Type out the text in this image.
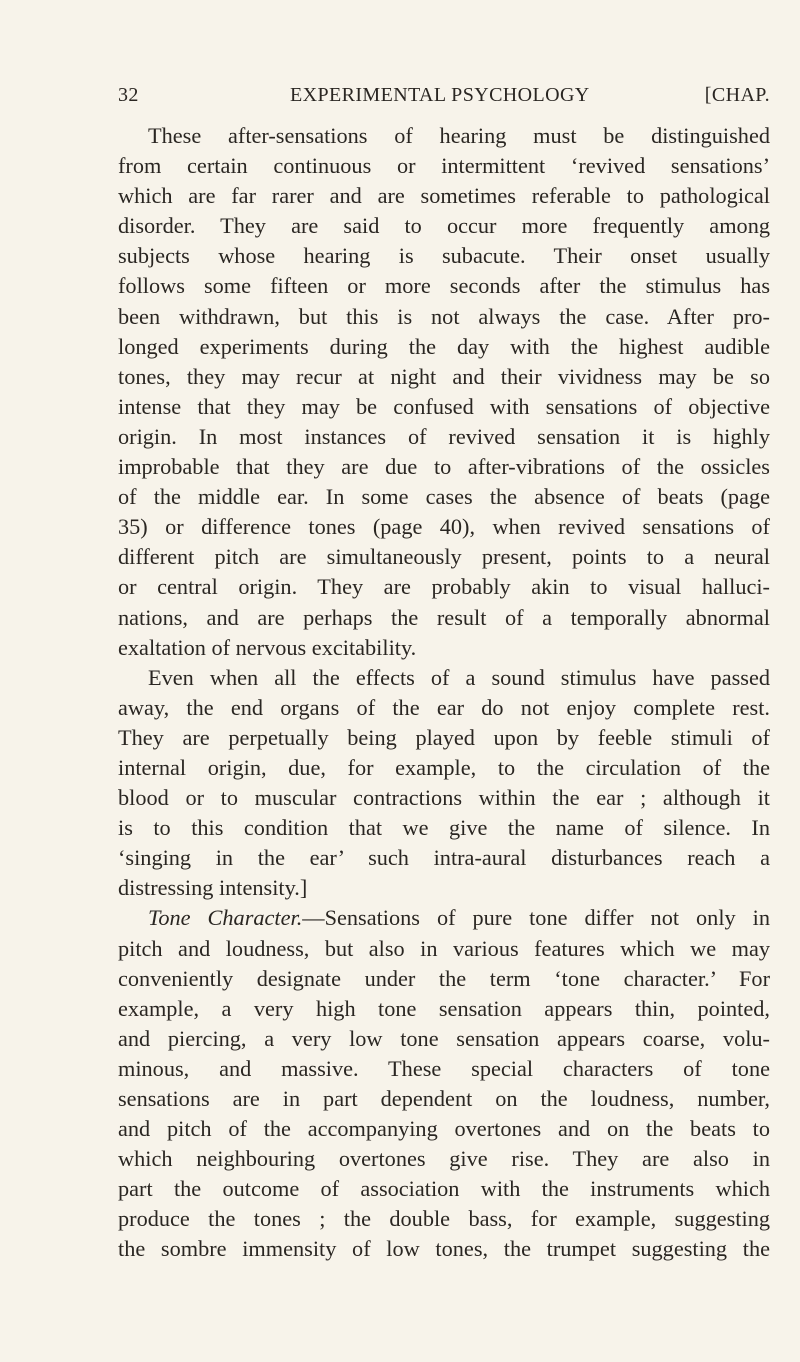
32	EXPERIMENTAL PSYCHOLOGY	[CHAP.
These after-sensations of hearing must be distinguished
from certain continuous or intermittent ‘revived sensations’
which are far rarer and are sometimes referable to pathological
disorder. They are said to occur more frequently among
subjects whose hearing is subacute. Their onset usually
follows some fifteen or more seconds after the stimulus has
been withdrawn, but this is not always the case. After pro-
longed experiments during the day with the highest audible
tones, they may recur at night and their vividness may be so
intense that they may be confused with sensations of objective
origin. In most instances of revived sensation it is highly
improbable that they are due to after-vibrations of the ossicles
of the middle ear. In some cases the absence of beats (page
35) or difference tones (page 40), when revived sensations of
different pitch are simultaneously present, points to a neural
or central origin. They are probably akin to visual halluci-
nations, and are perhaps the result of a temporally abnormal
exaltation of nervous excitability.
Even when all the effects of a sound stimulus have passed
away, the end organs of the ear do not enjoy complete rest.
They are perpetually being played upon by feeble stimuli of
internal origin, due, for example, to the circulation of the
blood or to muscular contractions within the ear ; although it
is to this condition that we give the name of silence. In
‘singing in the ear’ such intra-aural disturbances reach a
distressing intensity.]
Tone Character.—Sensations of pure tone differ not only in
pitch and loudness, but also in various features which we may
conveniently designate under the term ‘tone character.’ For
example, a very high tone sensation appears thin, pointed,
and piercing, a very low tone sensation appears coarse, volu-
minous, and massive. These special characters of tone
sensations are in part dependent on the loudness, number,
and pitch of the accompanying overtones and on the beats to
which neighbouring overtones give rise. They are also in
part the outcome of association with the instruments which
produce the tones ; the double bass, for example, suggesting
the sombre immensity of low tones, the trumpet suggesting the
